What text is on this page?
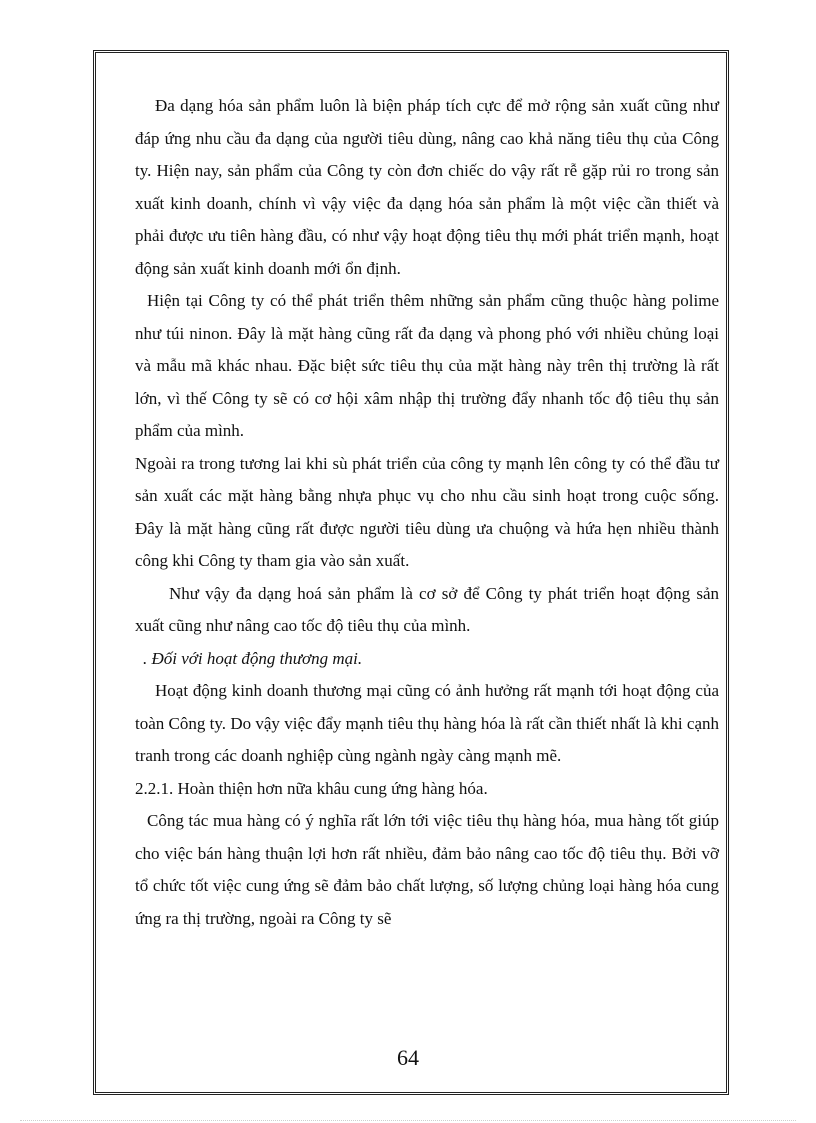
Đa dạng hóa sản phẩm luôn là biện pháp tích cực để mở rộng sản xuất cũng như đáp ứng nhu cầu đa dạng của người tiêu dùng, nâng cao khả năng tiêu thụ của Công ty. Hiện nay, sản phẩm của Công ty còn đơn chiếc do vậy rất rễ gặp rủi ro trong sản xuất kinh doanh, chính vì vậy việc đa dạng hóa sản phẩm là một việc cần thiết và phải được ưu tiên hàng đầu, có như vậy hoạt động tiêu thụ mới phát triển mạnh, hoạt động sản xuất kinh doanh mới ổn định.

Hiện tại Công ty có thể phát triển thêm những sản phẩm cũng thuộc hàng polime như túi ninon. Đây là mặt hàng cũng rất đa dạng và phong phó với nhiều chủng loại và mẫu mã khác nhau. Đặc biệt sức tiêu thụ của mặt hàng này trên thị trường là rất lớn, vì thế Công ty sẽ có cơ hội xâm nhập thị trường đẩy nhanh tốc độ tiêu thụ sản phẩm của mình.

Ngoài ra trong tương lai khi sù phát triển của công ty mạnh lên công ty có thể đầu tư sản xuất các mặt hàng bằng nhựa phục vụ cho nhu cầu sinh hoạt trong cuộc sống. Đây là mặt hàng cũng rất được người tiêu dùng ưa chuộng và hứa hẹn nhiều thành công khi Công ty tham gia vào sản xuất.

Như vậy đa dạng hoá sản phẩm là cơ sở để Công ty phát triển hoạt động sản xuất cũng như nâng cao tốc độ tiêu thụ của mình.

. Đối với hoạt động thương mại.

Hoạt động kinh doanh thương mại cũng có ảnh hưởng rất mạnh tới hoạt động của toàn Công ty. Do vậy việc đẩy mạnh tiêu thụ hàng hóa là rất cần thiết nhất là khi cạnh tranh trong các doanh nghiệp cùng ngành ngày càng mạnh mẽ.

2.2.1. Hoàn thiện hơn nữa khâu cung ứng hàng hóa.

Công tác mua hàng có ý nghĩa rất lớn tới việc tiêu thụ hàng hóa, mua hàng tốt giúp cho việc bán hàng thuận lợi hơn rất nhiều, đảm bảo nâng cao tốc độ tiêu thụ. Bởi vỡ tổ chức tốt việc cung ứng sẽ đảm bảo chất lượng, số lượng chủng loại hàng hóa cung ứng ra thị trường, ngoài ra Công ty sẽ

64
